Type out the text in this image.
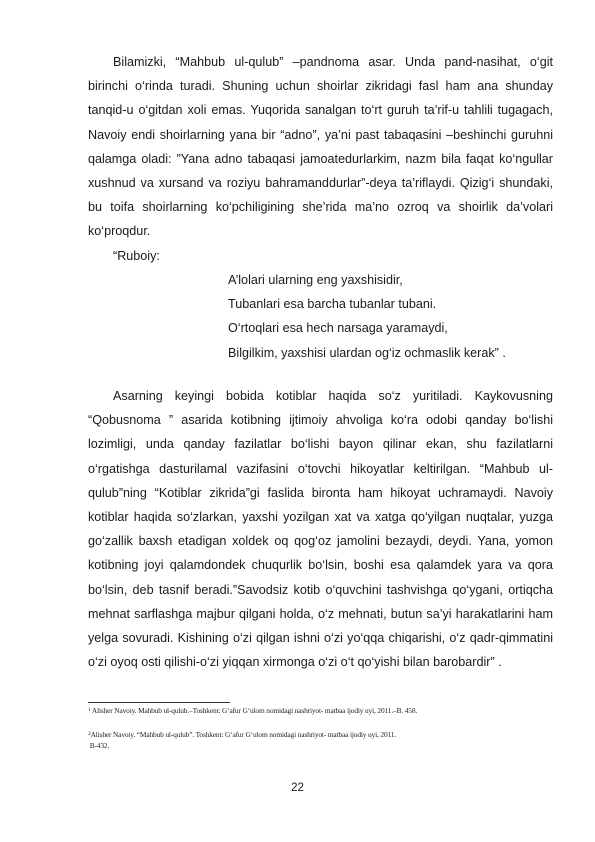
Bilamizki, “Mahbub ul-qulub” –pandnoma asar. Unda pand-nasihat, o‘git birinchi o‘rinda turadi. Shuning uchun shoirlar zikridagi fasl ham ana shunday tanqid-u o‘gitdan xoli emas. Yuqorida sanalgan to‘rt guruh ta’rif-u tahlili tugagach, Navoiy endi shoirlarning yana bir “adno”, ya’ni past tabaqasini –beshinchi guruhni qalamga oladi: ”Yana adno tabaqasi jamoatedurlarkim, nazm bila faqat ko‘ngullar xushnud va xursand va roziyu bahramanddurlar”-deya ta’riflaydi. Qizig‘i shundaki, bu toifa shoirlarning ko‘pchiligining she’rida ma’no ozroq va shoirlik da’volari ko‘proqdur.

“Ruboiy:

A’lolari ularning eng yaxshisidir,
Tubanlari esa barcha tubanlar tubani.
O‘rtoqlari esa hech narsaga yaramaydi,
Bilgilkim, yaxshisi ulardan og‘iz ochmaslik kerak” .

Asarning keyingi bobida kotiblar haqida so‘z yuritiladi. Kaykovusning “Qobusnoma ” asarida kotibning ijtimoiy ahvoliga ko‘ra odobi qanday bo‘lishi lozimligi, unda qanday fazilatlar bo‘lishi bayon qilinar ekan, shu fazilatlarni o‘rgatishga dasturilamal vazifasini o‘tovchi hikoyatlar keltirilgan. “Mahbub ul-qulub”ning “Kotiblar zikrida”gi faslida bironta ham hikoyat uchramaydi. Navoiy kotiblar haqida so‘zlarkan, yaxshi yozilgan xat va xatga qo‘yilgan nuqtalar, yuzga go‘zallik baxsh etadigan xoldek oq qog‘oz jamolini bezaydi, deydi. Yana, yomon kotibning joyi qalamdondek chuqurlik bo‘lsin, boshi esa qalamdek yara va qora bo‘lsin, deb tasnif beradi.”Savodsiz kotib o‘quvchini tashvishga qo‘ygani, ortiqcha mehnat sarflashga majbur qilgani holda, o‘z mehnati, butun sa’yi harakatlarini ham yelga sovuradi. Kishining o‘zi qilgan ishni o‘zi yo‘qqa chiqarishi, o‘z qadr-qimmatini o‘zi oyoq osti qilishi-o‘zi yiqqan xirmonga o‘zi o‘t qo‘yishi bilan barobardir” .

$^1$ Alisher Navoiy. Mahbub ul-qulub.–Toshkent: G‘afur G‘ulom nomidagi nashriyot- matbaa ijodiy uyi, 2011.–B. 458.
$^2$Alisher Navoiy. “Mahbub ul-qulub”. Toshkent: G‘afur G‘ulom nomidagi nashriyot- matbaa ijodiy uyi, 2011.
B-432.
22
